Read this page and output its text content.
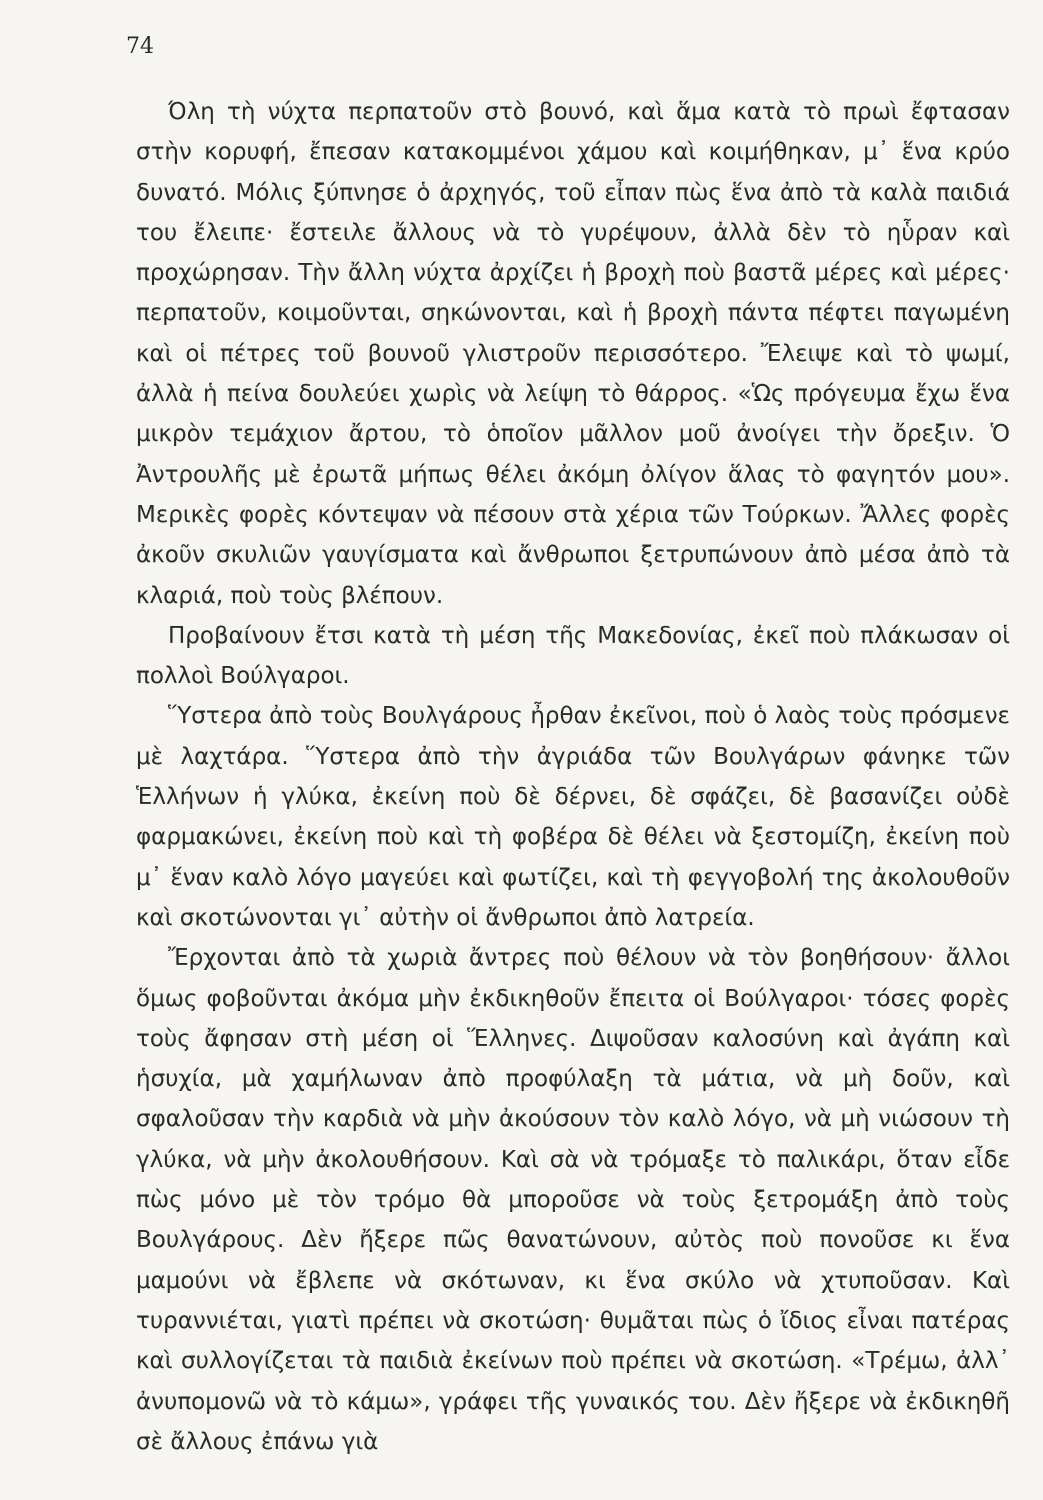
74

Όλη τὴ νύχτα περπατοῦν στὸ βουνό, καὶ ἅμα κατὰ τὸ πρωὶ ἔφτασαν στὴν κορυφή, ἔπεσαν κατακομμένοι χάμου καὶ κοιμήθηκαν, μ᾽ ἕνα κρύο δυνατό. Μόλις ξύπνησε ὁ ἀρχηγός, τοῦ εἶπαν πὼς ἕνα ἀπὸ τὰ καλὰ παιδιά του ἔλειπε· ἔστειλε ἄλλους νὰ τὸ γυρέψουν, ἀλλὰ δὲν τὸ ηὗραν καὶ προχώρησαν. Τὴν ἄλλη νύχτα ἀρχίζει ἡ βροχὴ ποὺ βαστᾶ μέρες καὶ μέρες· περπατοῦν, κοιμοῦνται, σηκώνονται, καὶ ἡ βροχὴ πάντα πέφτει παγωμένη καὶ οἱ πέτρες τοῦ βουνοῦ γλιστροῦν περισσότερο. Ἔλειψε καὶ τὸ ψωμί, ἀλλὰ ἡ πείνα δουλεύει χωρὶς νὰ λείψη τὸ θάρρος. «Ὡς πρόγευμα ἔχω ἕνα μικρὸν τεμάχιον ἄρτου, τὸ ὁποῖον μᾶλλον μοῦ ἀνοίγει τὴν ὄρεξιν. Ὁ Ἀντρουλῆς μὲ ἐρωτᾶ μήπως θέλει ἀκόμη ὀλίγον ἅλας τὸ φαγητόν μου». Μερικὲς φορὲς κόντεψαν νὰ πέσουν στὰ χέρια τῶν Τούρκων. Ἄλλες φορὲς ἀκοῦν σκυλιῶν γαυγίσματα καὶ ἄνθρωποι ξετρυπώνουν ἀπὸ μέσα ἀπὸ τὰ κλαριά, ποὺ τοὺς βλέπουν.

Προβαίνουν ἔτσι κατὰ τὴ μέση τῆς Μακεδονίας, ἐκεῖ ποὺ πλάκωσαν οἱ πολλοὶ Βούλγαροι.

Ὕστερα ἀπὸ τοὺς Βουλγάρους ἦρθαν ἐκεῖνοι, ποὺ ὁ λαὸς τοὺς πρόσμενε μὲ λαχτάρα. Ὕστερα ἀπὸ τὴν ἀγριάδα τῶν Βουλγάρων φάνηκε τῶν Ἑλλήνων ἡ γλύκα, ἐκείνη ποὺ δὲ δέρνει, δὲ σφάζει, δὲ βασανίζει οὐδὲ φαρμακώνει, ἐκείνη ποὺ καὶ τὴ φοβέρα δὲ θέλει νὰ ξεστομίζη, ἐκείνη ποὺ μ᾽ ἕναν καλὸ λόγο μαγεύει καὶ φωτίζει, καὶ τὴ φεγγοβολή της ἀκολουθοῦν καὶ σκοτώνονται γι᾽ αὐτὴν οἱ ἄνθρωποι ἀπὸ λατρεία.

Ἔρχονται ἀπὸ τὰ χωριὰ ἄντρες ποὺ θέλουν νὰ τὸν βοηθήσουν· ἄλλοι ὅμως φοβοῦνται ἀκόμα μὴν ἐκδικηθοῦν ἔπειτα οἱ Βούλγαροι· τόσες φορὲς τοὺς ἄφησαν στὴ μέση οἱ Ἕλληνες. Διψοῦσαν καλοσύνη καὶ ἀγάπη καὶ ἡσυχία, μὰ χαμήλωναν ἀπὸ προφύλαξη τὰ μάτια, νὰ μὴ δοῦν, καὶ σφαλοῦσαν τὴν καρδιὰ νὰ μὴν ἀκούσουν τὸν καλὸ λόγο, νὰ μὴ νιώσουν τὴ γλύκα, νὰ μὴν ἀκολουθήσουν. Καὶ σὰ νὰ τρόμαξε τὸ παλικάρι, ὅταν εἶδε πὼς μόνο μὲ τὸν τρόμο θὰ μποροῦσε νὰ τοὺς ξετρομάξη ἀπὸ τοὺς Βουλγάρους. Δὲν ἤξερε πῶς θανατώνουν, αὐτὸς ποὺ πονοῦσε κι ἕνα μαμούνι νὰ ἔβλεπε νὰ σκότωναν, κι ἕνα σκύλο νὰ χτυποῦσαν. Καὶ τυραννιέται, γιατὶ πρέπει νὰ σκοτώση· θυμᾶται πὼς ὁ ἴδιος εἶναι πατέρας καὶ συλλογίζεται τὰ παιδιὰ ἐκείνων ποὺ πρέπει νὰ σκοτώση. «Τρέμω, ἀλλ᾽ ἀνυπομονῶ νὰ τὸ κάμω», γράφει τῆς γυναικός του. Δὲν ἤξερε νὰ ἐκδικηθῆ σὲ ἄλλους ἐπάνω γιὰ
